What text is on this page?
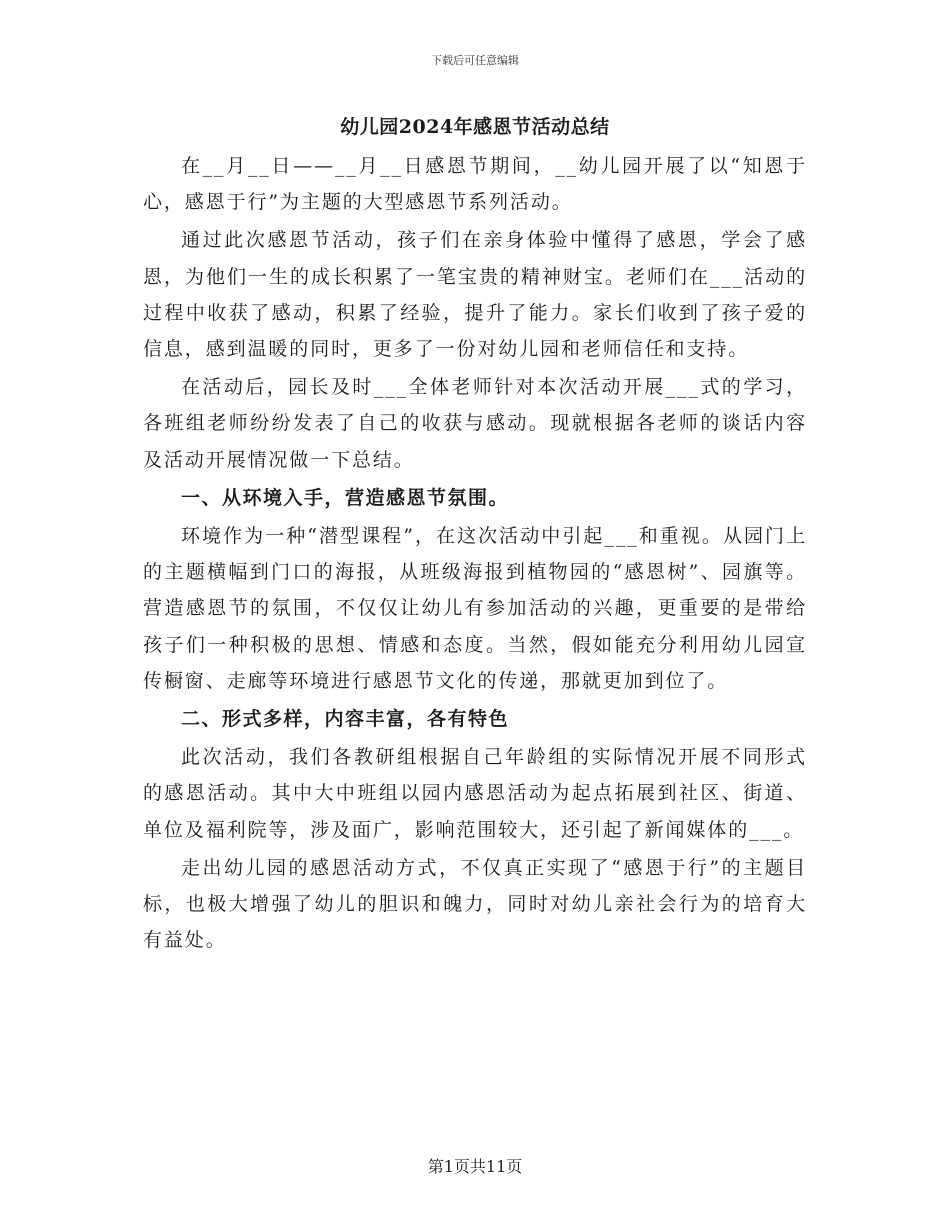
下载后可任意编辑
幼儿园2024年感恩节活动总结

在__月__日——__月__日感恩节期间，__幼儿园开展了以“知恩于心，感恩于行”为主题的大型感恩节系列活动。

通过此次感恩节活动，孩子们在亲身体验中懂得了感恩，学会了感恩，为他们一生的成长积累了一笔宝贵的精神财宝。老师们在___活动的过程中收获了感动，积累了经验，提升了能力。家长们收到了孩子爱的信息，感到温暖的同时，更多了一份对幼儿园和老师信任和支持。

在活动后，园长及时___全体老师针对本次活动开展___式的学习，各班组老师纷纷发表了自己的收获与感动。现就根据各老师的谈话内容及活动开展情况做一下总结。

一、从环境入手，营造感恩节氛围。

环境作为一种“潜型课程”，在这次活动中引起___和重视。从园门上的主题横幅到门口的海报，从班级海报到植物园的“感恩树”、园旗等。营造感恩节的氛围，不仅仅让幼儿有参加活动的兴趣，更重要的是带给孩子们一种积极的思想、情感和态度。当然，假如能充分利用幼儿园宣传橱窗、走廊等环境进行感恩节文化的传递，那就更加到位了。

二、形式多样，内容丰富，各有特色

此次活动，我们各教研组根据自己年龄组的实际情况开展不同形式的感恩活动。其中大中班组以园内感恩活动为起点拓展到社区、街道、单位及福利院等，涉及面广，影响范围较大，还引起了新闻媒体的___。

走出幼儿园的感恩活动方式，不仅真正实现了“感恩于行”的主题目标，也极大增强了幼儿的胆识和魄力，同时对幼儿亲社会行为的培育大有益处。

第1页共11页
